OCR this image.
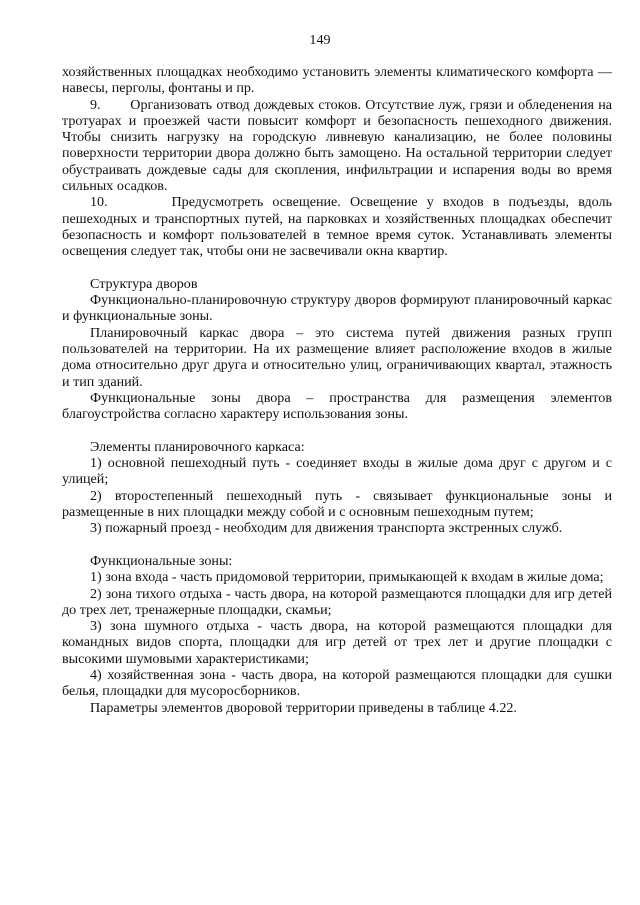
149

хозяйственных площадках необходимо установить элементы климатического комфорта — навесы, перголы, фонтаны и пр.

9.       Организовать отвод дождевых стоков. Отсутствие луж, грязи и обледенения на тротуарах и проезжей части повысит комфорт и безопасность пешеходного движения. Чтобы снизить нагрузку на городскую ливневую канализацию, не более половины поверхности территории двора должно быть замощено. На остальной территории следует обустраивать дождевые сады для скопления, инфильтрации и испарения воды во время сильных осадков.

10.       Предусмотреть освещение. Освещение у входов в подъезды, вдоль пешеходных и транспортных путей, на парковках и хозяйственных площадках обеспечит безопасность и комфорт пользователей в темное время суток. Устанавливать элементы освещения следует так, чтобы они не засвечивали окна квартир.

Структура дворов

Функционально-планировочную структуру дворов формируют планировочный каркас и функциональные зоны.

Планировочный каркас двора – это система путей движения разных групп пользователей на территории. На их размещение влияет расположение входов в жилые дома относительно друг друга и относительно улиц, ограничивающих квартал, этажность и тип зданий.

Функциональные зоны двора – пространства для размещения элементов благоустройства согласно характеру использования зоны.

Элементы планировочного каркаса:

1) основной пешеходный путь - соединяет входы в жилые дома друг с другом и с улицей;

2) второстепенный пешеходный путь - связывает функциональные зоны и размещенные в них площадки между собой и с основным пешеходным путем;

3) пожарный проезд - необходим для движения транспорта экстренных служб.

Функциональные зоны:

1) зона входа - часть придомовой территории, примыкающей к входам в жилые дома;

2) зона тихого отдыха - часть двора, на которой размещаются площадки для игр детей до трех лет, тренажерные площадки, скамьи;

3) зона шумного отдыха - часть двора, на которой размещаются площадки для командных видов спорта, площадки для игр детей от трех лет и другие площадки с высокими шумовыми характеристиками;

4) хозяйственная зона - часть двора, на которой размещаются площадки для сушки белья, площадки для мусоросборников.

Параметры элементов дворовой территории приведены в таблице 4.22.
